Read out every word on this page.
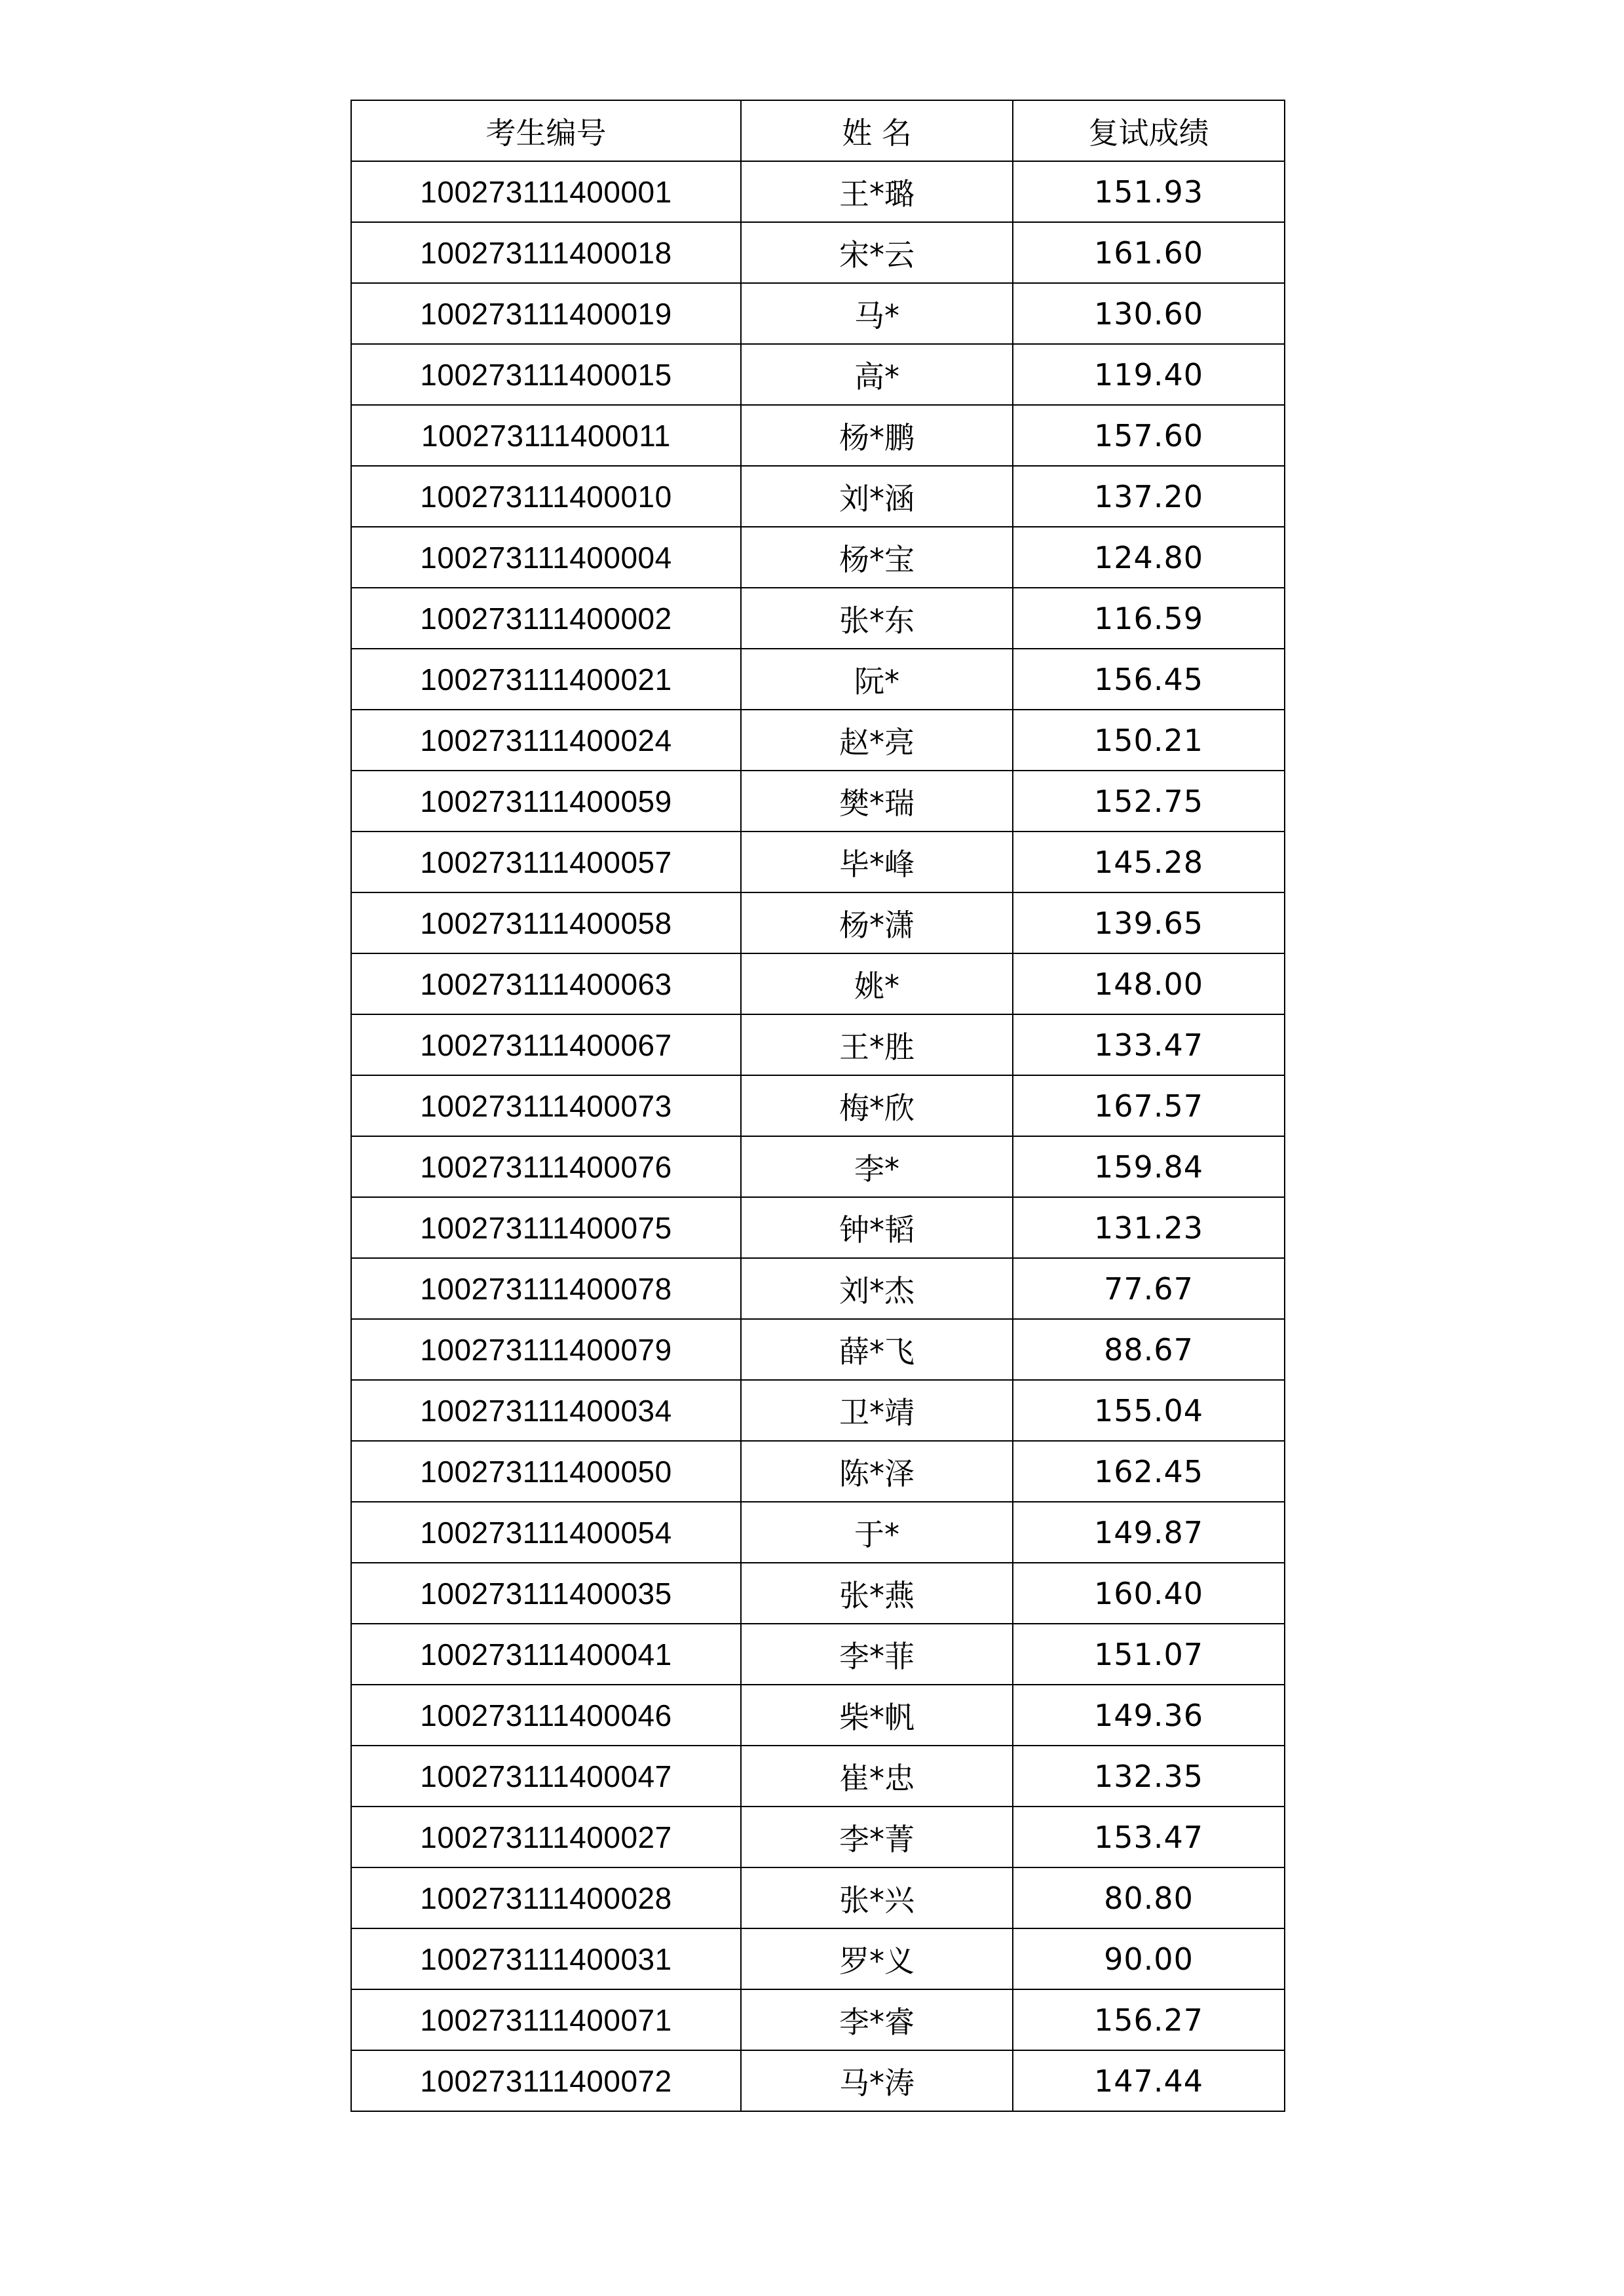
考生编号	姓 名	复试成绩
100273111400001	王*璐	151.93
100273111400018	宋*云	161.60
100273111400019	马*	130.60
100273111400015	高*	119.40
100273111400011	杨*鹏	157.60
100273111400010	刘*涵	137.20
100273111400004	杨*宝	124.80
100273111400002	张*东	116.59
100273111400021	阮*	156.45
100273111400024	赵*亮	150.21
100273111400059	樊*瑞	152.75
100273111400057	毕*峰	145.28
100273111400058	杨*潇	139.65
100273111400063	姚*	148.00
100273111400067	王*胜	133.47
100273111400073	梅*欣	167.57
100273111400076	李*	159.84
100273111400075	钟*韬	131.23
100273111400078	刘*杰	77.67
100273111400079	薛*飞	88.67
100273111400034	卫*靖	155.04
100273111400050	陈*泽	162.45
100273111400054	于*	149.87
100273111400035	张*燕	160.40
100273111400041	李*菲	151.07
100273111400046	柴*帆	149.36
100273111400047	崔*忠	132.35
100273111400027	李*菁	153.47
100273111400028	张*兴	80.80
100273111400031	罗*义	90.00
100273111400071	李*睿	156.27
100273111400072	马*涛	147.44
